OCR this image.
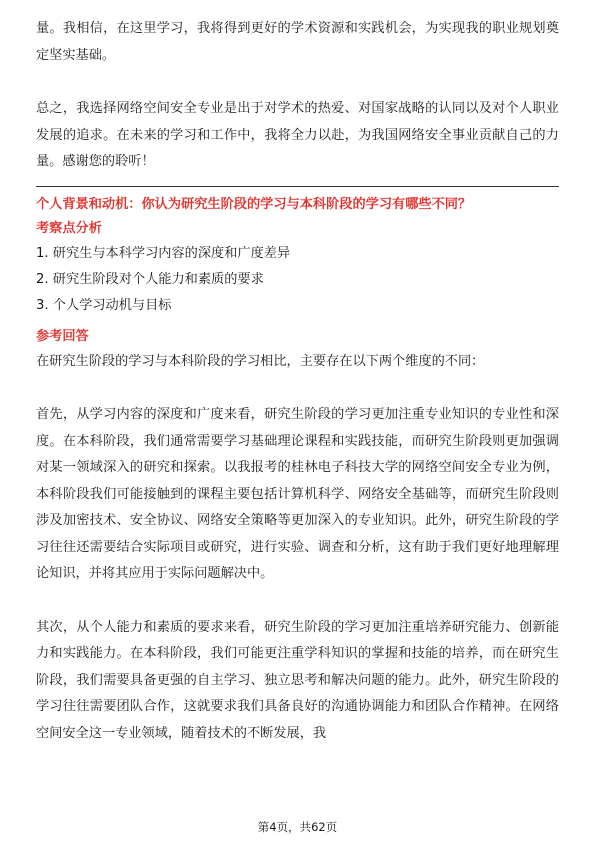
量。我相信，在这里学习，我将得到更好的学术资源和实践机会，为实现我的职业规划奠定坚实基础。

总之，我选择网络空间安全专业是出于对学术的热爱、对国家战略的认同以及对个人职业发展的追求。在未来的学习和工作中，我将全力以赴，为我国网络安全事业贡献自己的力量。感谢您的聆听！

个人背景和动机：你认为研究生阶段的学习与本科阶段的学习有哪些不同？

考察点分析

1. 研究生与本科学习内容的深度和广度差异

2. 研究生阶段对个人能力和素质的要求

3. 个人学习动机与目标

参考回答

在研究生阶段的学习与本科阶段的学习相比，主要存在以下两个维度的不同：

首先，从学习内容的深度和广度来看，研究生阶段的学习更加注重专业知识的专业性和深度。在本科阶段，我们通常需要学习基础理论课程和实践技能，而研究生阶段则更加强调对某一领域深入的研究和探索。以我报考的桂林电子科技大学的网络空间安全专业为例，本科阶段我们可能接触到的课程主要包括计算机科学、网络安全基础等，而研究生阶段则涉及加密技术、安全协议、网络安全策略等更加深入的专业知识。此外，研究生阶段的学习往往还需要结合实际项目或研究，进行实验、调查和分析，这有助于我们更好地理解理论知识，并将其应用于实际问题解决中。

其次，从个人能力和素质的要求来看，研究生阶段的学习更加注重培养研究能力、创新能力和实践能力。在本科阶段，我们可能更注重学科知识的掌握和技能的培养，而在研究生阶段，我们需要具备更强的自主学习、独立思考和解决问题的能力。此外，研究生阶段的学习往往需要团队合作，这就要求我们具备良好的沟通协调能力和团队合作精神。在网络空间安全这一专业领域，随着技术的不断发展，我

第4页，共62页
